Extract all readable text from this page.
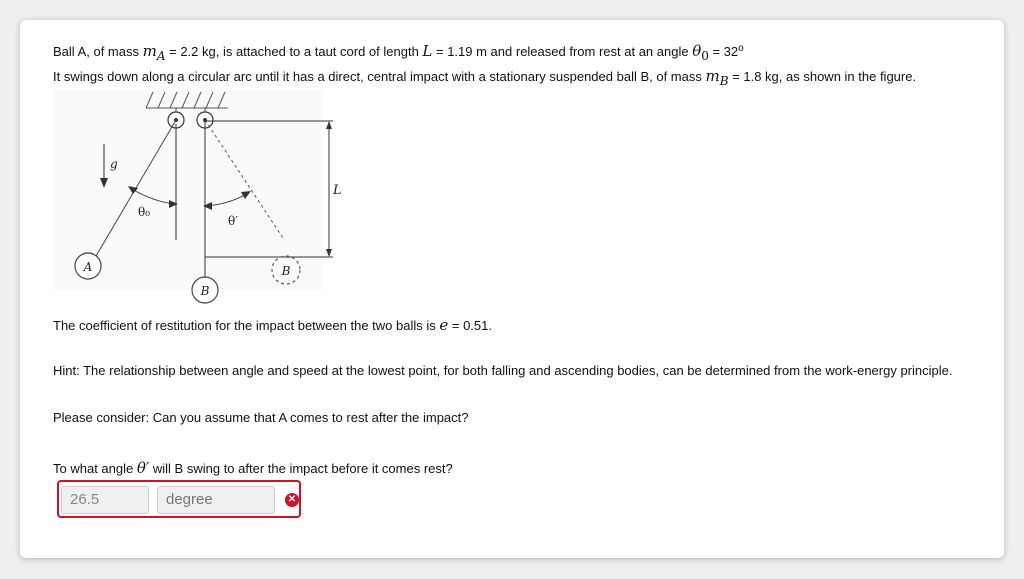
Ball A, of mass $m_A = 2.2$ kg, is attached to a taut cord of length L = 1.19 m and released from rest at an angle $\theta_0 = 32^o$
It swings down along a circular arc until it has a direct, central impact with a stationary suspended ball B, of mass $m_B = 1.8$ kg, as shown in the figure.
L
g
θ₀
θ′
A	B
B
The coefficient of restitution for the impact between the two balls is e = 0.51.
Hint: The relationship between angle and speed at the lowest point, for both falling and ascending bodies, can be determined from the work-energy principle.
Please consider: Can you assume that A comes to rest after the impact?
To what angle θ′ will B swing to after the impact before it comes rest?
26.5	degree	✕
